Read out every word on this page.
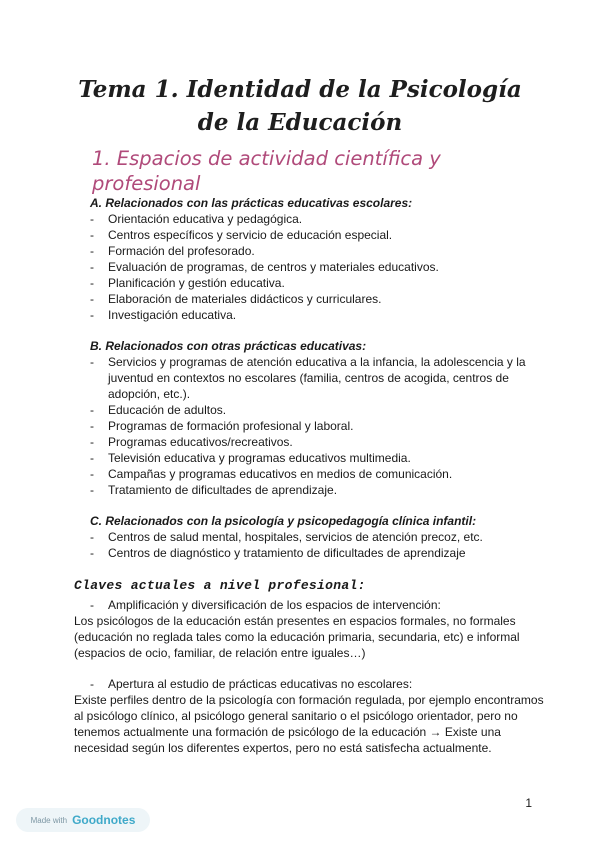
Tema 1. Identidad de la Psicología de la Educación
1. Espacios de actividad científica y profesional
A. Relacionados con las prácticas educativas escolares:
- Orientación educativa y pedagógica.
- Centros específicos y servicio de educación especial.
- Formación del profesorado.
- Evaluación de programas, de centros y materiales educativos.
- Planificación y gestión educativa.
- Elaboración de materiales didácticos y curriculares.
- Investigación educativa.
B. Relacionados con otras prácticas educativas:
- Servicios y programas de atención educativa a la infancia, la adolescencia y la juventud en contextos no escolares (familia, centros de acogida, centros de adopción, etc.).
- Educación de adultos.
- Programas de formación profesional y laboral.
- Programas educativos/recreativos.
- Televisión educativa y programas educativos multimedia.
- Campañas y programas educativos en medios de comunicación.
- Tratamiento de dificultades de aprendizaje.
C. Relacionados con la psicología y psicopedagogía clínica infantil:
- Centros de salud mental, hospitales, servicios de atención precoz, etc.
- Centros de diagnóstico y tratamiento de dificultades de aprendizaje
Claves actuales a nivel profesional:
- Amplificación y diversificación de los espacios de intervención:
Los psicólogos de la educación están presentes en espacios formales, no formales (educación no reglada tales como la educación primaria, secundaria, etc) e informal (espacios de ocio, familiar, de relación entre iguales…)
- Apertura al estudio de prácticas educativas no escolares:
Existe perfiles dentro de la psicología con formación regulada, por ejemplo encontramos al psicólogo clínico, al psicólogo general sanitario o el psicólogo orientador, pero no tenemos actualmente una formación de psicólogo de la educación → Existe una necesidad según los diferentes expertos, pero no está satisfecha actualmente.
1
Made with Goodnotes
